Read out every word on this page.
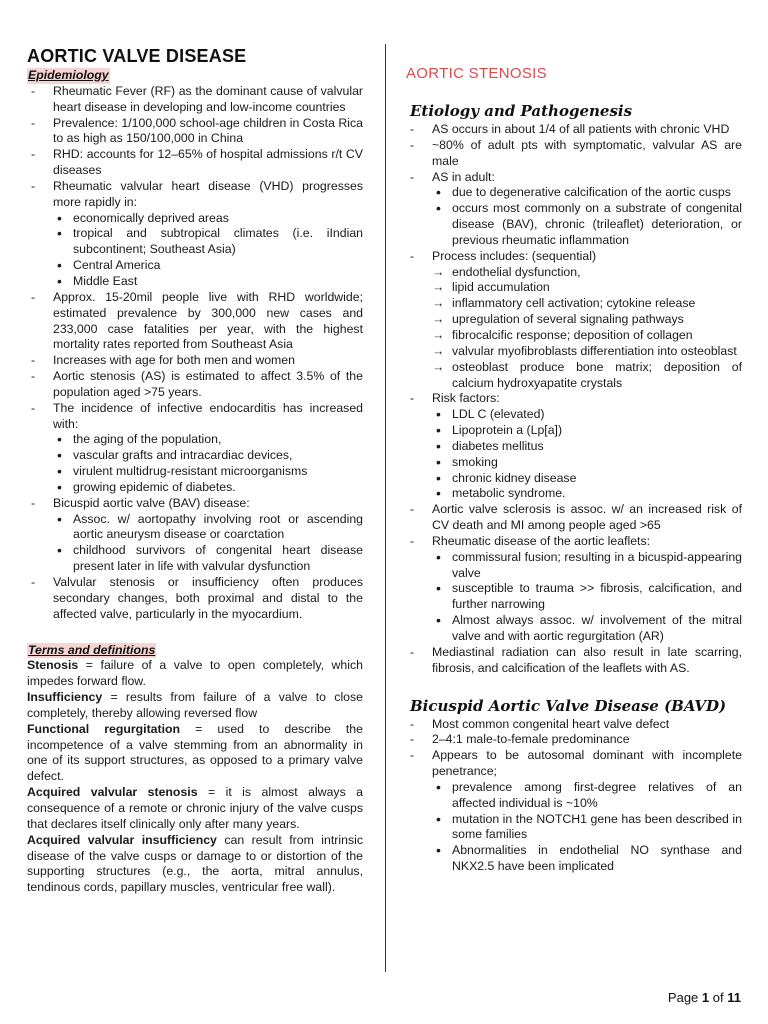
AORTIC VALVE DISEASE
Epidemiology
- Rheumatic Fever (RF) as the dominant cause of valvular heart disease in developing and low-income countries
- Prevalence: 1/100,000 school-age children in Costa Rica to as high as 150/100,000 in China
- RHD: accounts for 12–65% of hospital admissions r/t CV diseases
- Rheumatic valvular heart disease (VHD) progresses more rapidly in:
• economically deprived areas
• tropical and subtropical climates (i.e. iIndian subcontinent; Southeast Asia)
• Central America
• Middle East
- Approx. 15-20mil people live with RHD worldwide; estimated prevalence by 300,000 new cases and 233,000 case fatalities per year, with the highest mortality rates reported from Southeast Asia
- Increases with age for both men and women
- Aortic stenosis (AS) is estimated to affect 3.5% of the population aged >75 years.
- The incidence of infective endocarditis has increased with:
• the aging of the population,
• vascular grafts and intracardiac devices,
• virulent multidrug-resistant microorganisms
• growing epidemic of diabetes.
- Bicuspid aortic valve (BAV) disease:
• Assoc. w/ aortopathy involving root or ascending aortic aneurysm disease or coarctation
• childhood survivors of congenital heart disease present later in life with valvular dysfunction
- Valvular stenosis or insufficiency often produces secondary changes, both proximal and distal to the affected valve, particularly in the myocardium.
Terms and definitions

Stenosis = failure of a valve to open completely, which impedes forward flow.

Insufficiency = results from failure of a valve to close completely, thereby allowing reversed flow

Functional regurgitation = used to describe the incompetence of a valve stemming from an abnormality in one of its support structures, as opposed to a primary valve defect.

Acquired valvular stenosis = it is almost always a consequence of a remote or chronic injury of the valve cusps that declares itself clinically only after many years.

Acquired valvular insufficiency can result from intrinsic disease of the valve cusps or damage to or distortion of the supporting structures (e.g., the aorta, mitral annulus, tendinous cords, papillary muscles, ventricular free wall).

AORTIC STENOSIS
Etiology and Pathogenesis
- AS occurs in about 1/4 of all patients with chronic VHD
- ~80% of adult pts with symptomatic, valvular AS are male
- AS in adult:
• due to degenerative calcification of the aortic cusps
• occurs most commonly on a substrate of congenital disease (BAV), chronic (trileaflet) deterioration, or previous rheumatic inflammation
- Process includes: (sequential)
→ endothelial dysfunction,
→ lipid accumulation
→ inflammatory cell activation; cytokine release
→ upregulation of several signaling pathways
→ fibrocalcific response; deposition of collagen
→ valvular myofibroblasts differentiation into osteoblast
→ osteoblast produce bone matrix; deposition of calcium hydroxyapatite crystals
- Risk factors:
• LDL C (elevated)
• Lipoprotein a (Lp[a])
• diabetes mellitus
• smoking
• chronic kidney disease
• metabolic syndrome.
- Aortic valve sclerosis is assoc. w/ an increased risk of CV death and MI among people aged >65
- Rheumatic disease of the aortic leaflets:
• commissural fusion; resulting in a bicuspid-appearing valve
• susceptible to trauma >> fibrosis, calcification, and further narrowing
• Almost always assoc. w/ involvement of the mitral valve and with aortic regurgitation (AR)
- Mediastinal radiation can also result in late scarring, fibrosis, and calcification of the leaflets with AS.
Bicuspid Aortic Valve Disease (BAVD)
- Most common congenital heart valve defect
- 2–4:1 male-to-female predominance
- Appears to be autosomal dominant with incomplete penetrance;
• prevalence among first-degree relatives of an affected individual is ~10%
• mutation in the NOTCH1 gene has been described in some families
• Abnormalities in endothelial NO synthase and NKX2.5 have been implicated
Page 1 of 11
